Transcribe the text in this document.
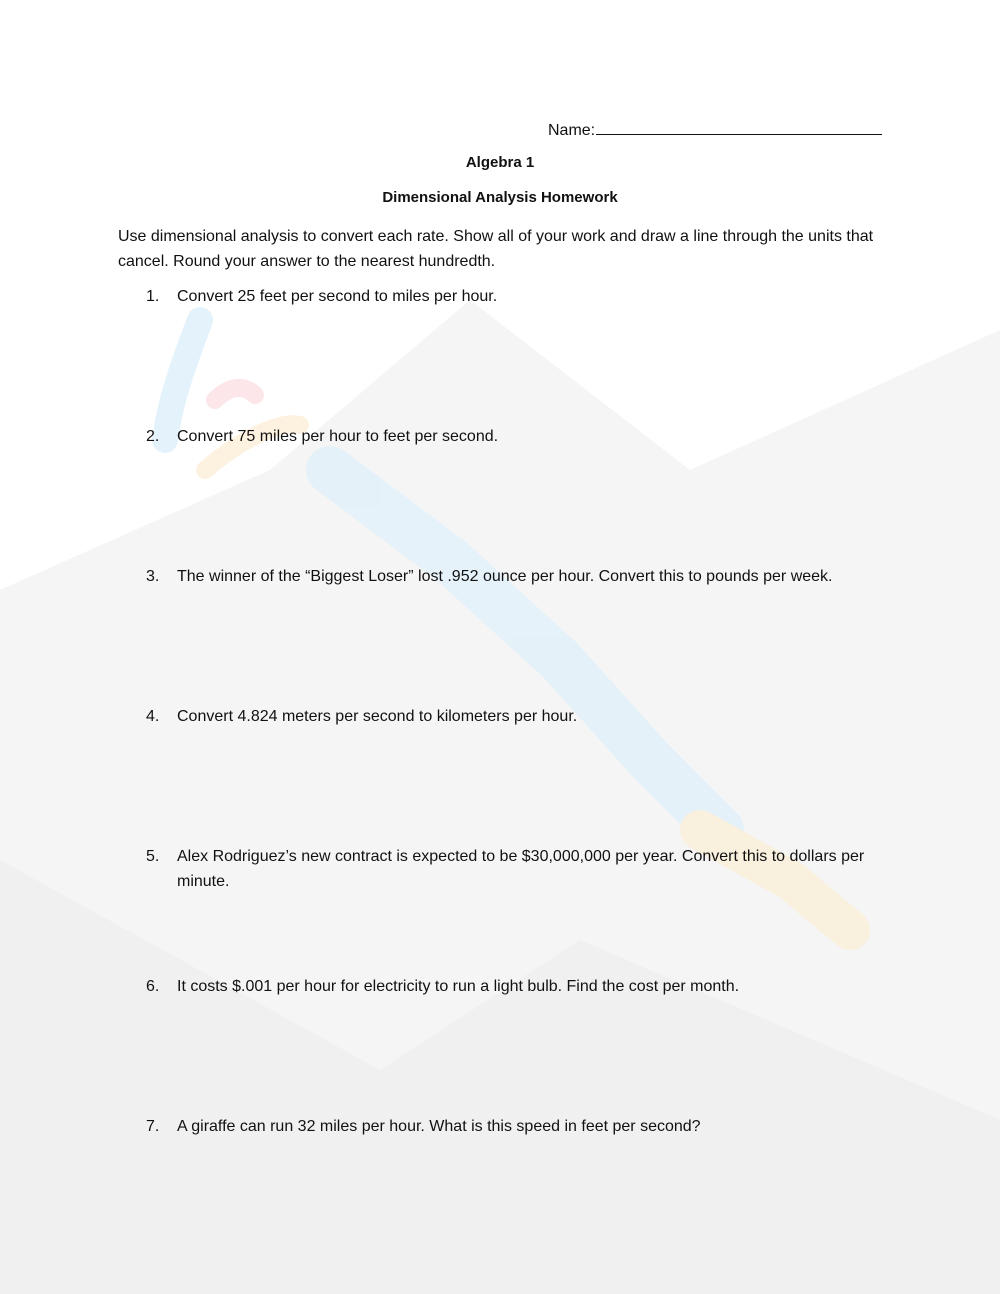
Name:
Algebra 1
Dimensional Analysis Homework
Use dimensional analysis to convert each rate. Show all of your work and draw a line through the units that cancel. Round your answer to the nearest hundredth.
1.	Convert 25 feet per second to miles per hour.
2.	Convert 75 miles per hour to feet per second.
3.	The winner of the “Biggest Loser” lost .952 ounce per hour. Convert this to pounds per week.
4.	Convert 4.824 meters per second to kilometers per hour.
5.	Alex Rodriguez’s new contract is expected to be $30,000,000 per year. Convert this to dollars per minute.
6.	It costs $.001 per hour for electricity to run a light bulb. Find the cost per month.
7.	A giraffe can run 32 miles per hour. What is this speed in feet per second?
